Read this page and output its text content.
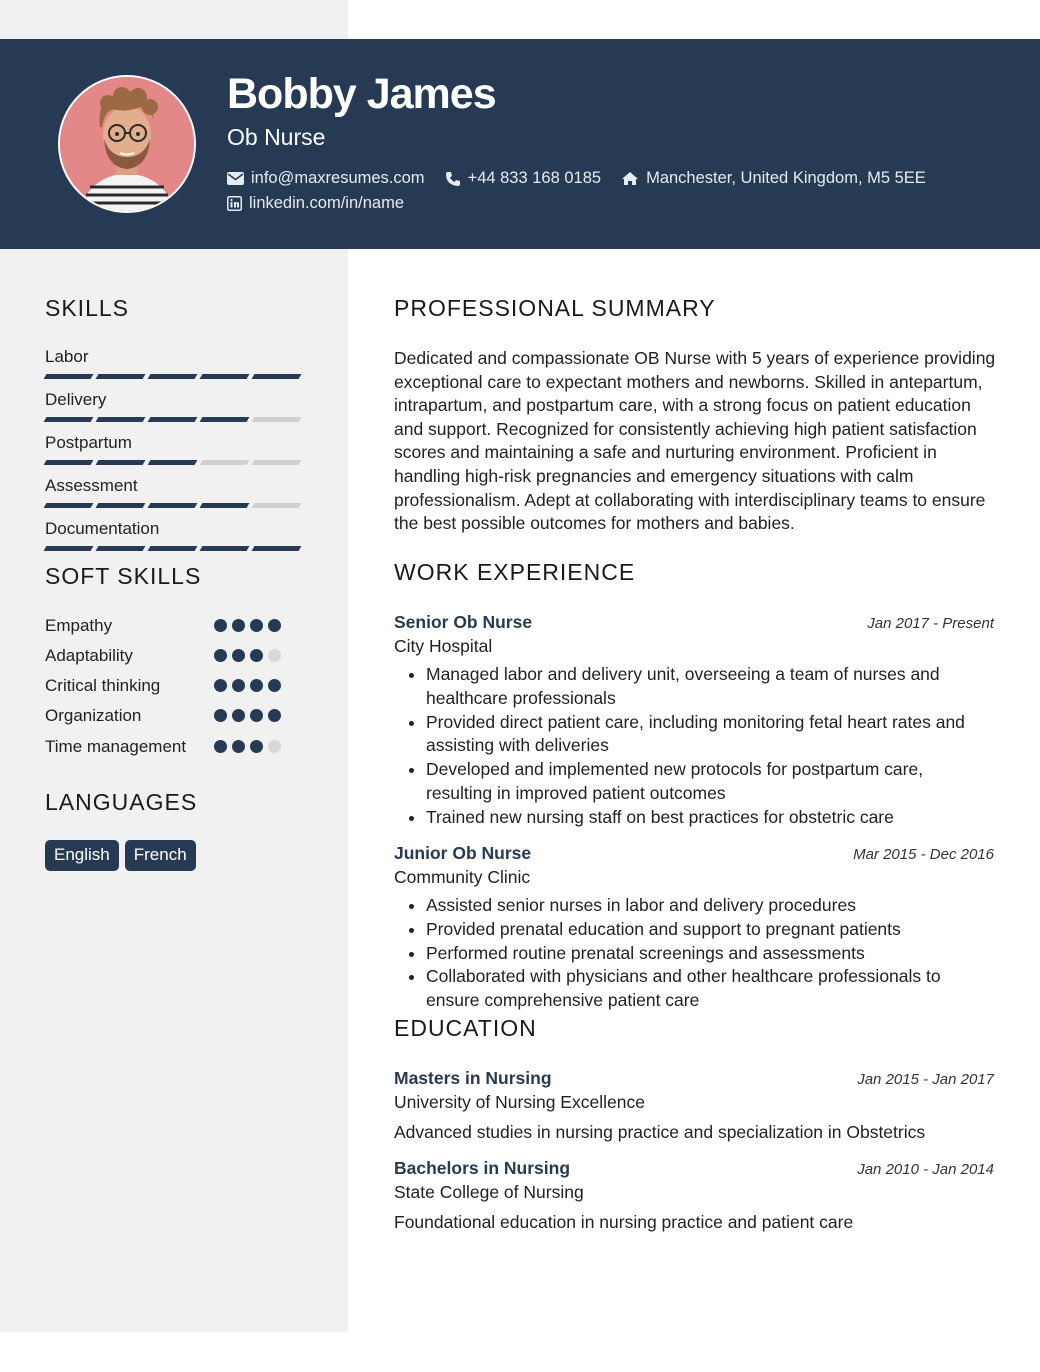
Bobby James
Ob Nurse
info@maxresumes.com	+44 833 168 0185	Manchester, United Kingdom, M5 5EE
linkedin.com/in/name
SKILLS
Labor
Delivery
Postpartum
Assessment
Documentation
SOFT SKILLS
Empathy
Adaptability
Critical thinking
Organization
Time management
LANGUAGES
English	French
PROFESSIONAL SUMMARY

Dedicated and compassionate OB Nurse with 5 years of experience providing exceptional care to expectant mothers and newborns. Skilled in antepartum, intrapartum, and postpartum care, with a strong focus on patient education and support. Recognized for consistently achieving high patient satisfaction scores and maintaining a safe and nurturing environment. Proficient in handling high-risk pregnancies and emergency situations with calm professionalism. Adept at collaborating with interdisciplinary teams to ensure the best possible outcomes for mothers and babies.

WORK EXPERIENCE
Senior Ob Nurse	Jan 2017 - Present
City Hospital
• Managed labor and delivery unit, overseeing a team of nurses and healthcare professionals
• Provided direct patient care, including monitoring fetal heart rates and assisting with deliveries
• Developed and implemented new protocols for postpartum care, resulting in improved patient outcomes
• Trained new nursing staff on best practices for obstetric care
Junior Ob Nurse	Mar 2015 - Dec 2016
Community Clinic
• Assisted senior nurses in labor and delivery procedures
• Provided prenatal education and support to pregnant patients
• Performed routine prenatal screenings and assessments
• Collaborated with physicians and other healthcare professionals to ensure comprehensive patient care
EDUCATION
Masters in Nursing	Jan 2015 - Jan 2017
University of Nursing Excellence
Advanced studies in nursing practice and specialization in Obstetrics
Bachelors in Nursing	Jan 2010 - Jan 2014
State College of Nursing
Foundational education in nursing practice and patient care
